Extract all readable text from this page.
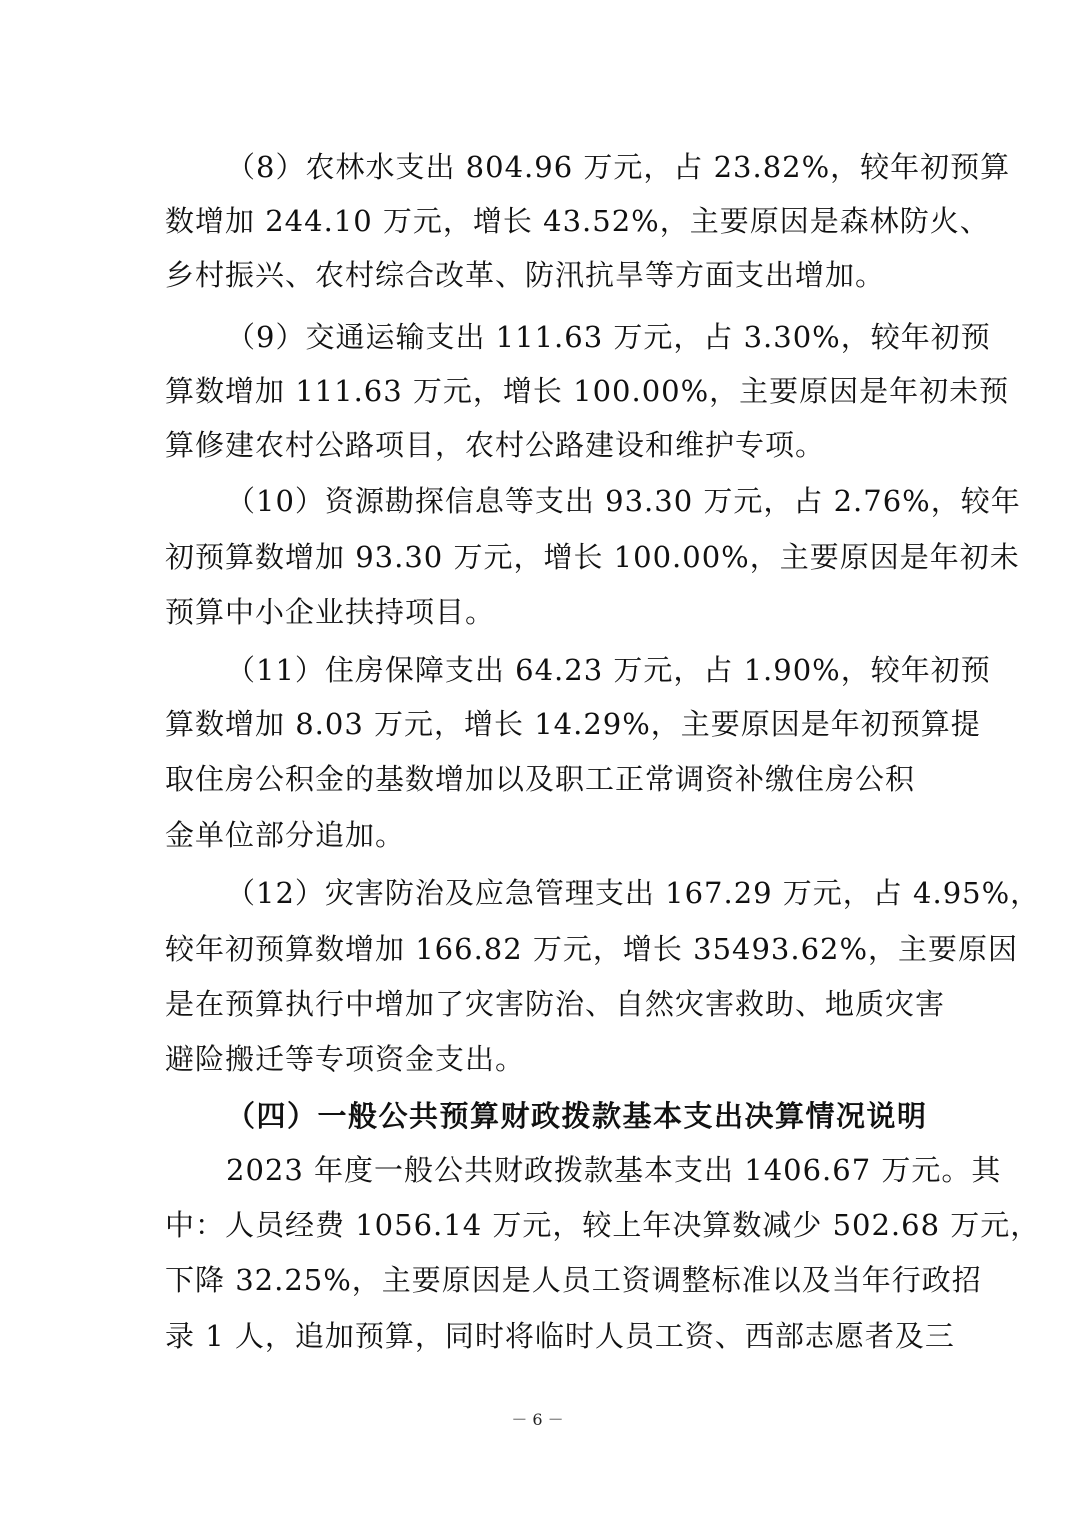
（8）农林水支出 804.96 万元，占 23.82%，较年初预算
数增加 244.10 万元，增长 43.52%，主要原因是森林防火、
乡村振兴、农村综合改革、防汛抗旱等方面支出增加。
（9）交通运输支出 111.63 万元，占 3.30%，较年初预
算数增加 111.63 万元，增长 100.00%，主要原因是年初未预
算修建农村公路项目，农村公路建设和维护专项。
（10）资源勘探信息等支出 93.30 万元，占 2.76%，较年
初预算数增加 93.30 万元，增长 100.00%，主要原因是年初未
预算中小企业扶持项目。
（11）住房保障支出 64.23 万元，占 1.90%，较年初预
算数增加 8.03 万元，增长 14.29%，主要原因是年初预算提
取住房公积金的基数增加以及职工正常调资补缴住房公积
金单位部分追加。
（12）灾害防治及应急管理支出 167.29 万元，占 4.95%，
较年初预算数增加 166.82 万元，增长 35493.62%，主要原因
是在预算执行中增加了灾害防治、自然灾害救助、地质灾害
避险搬迁等专项资金支出。
（四）一般公共预算财政拨款基本支出决算情况说明
2023 年度一般公共财政拨款基本支出 1406.67 万元。其
中：人员经费 1056.14 万元，较上年决算数减少 502.68 万元，
下降 32.25%，主要原因是人员工资调整标准以及当年行政招
录 1 人，追加预算，同时将临时人员工资、西部志愿者及三
－ 6 －
